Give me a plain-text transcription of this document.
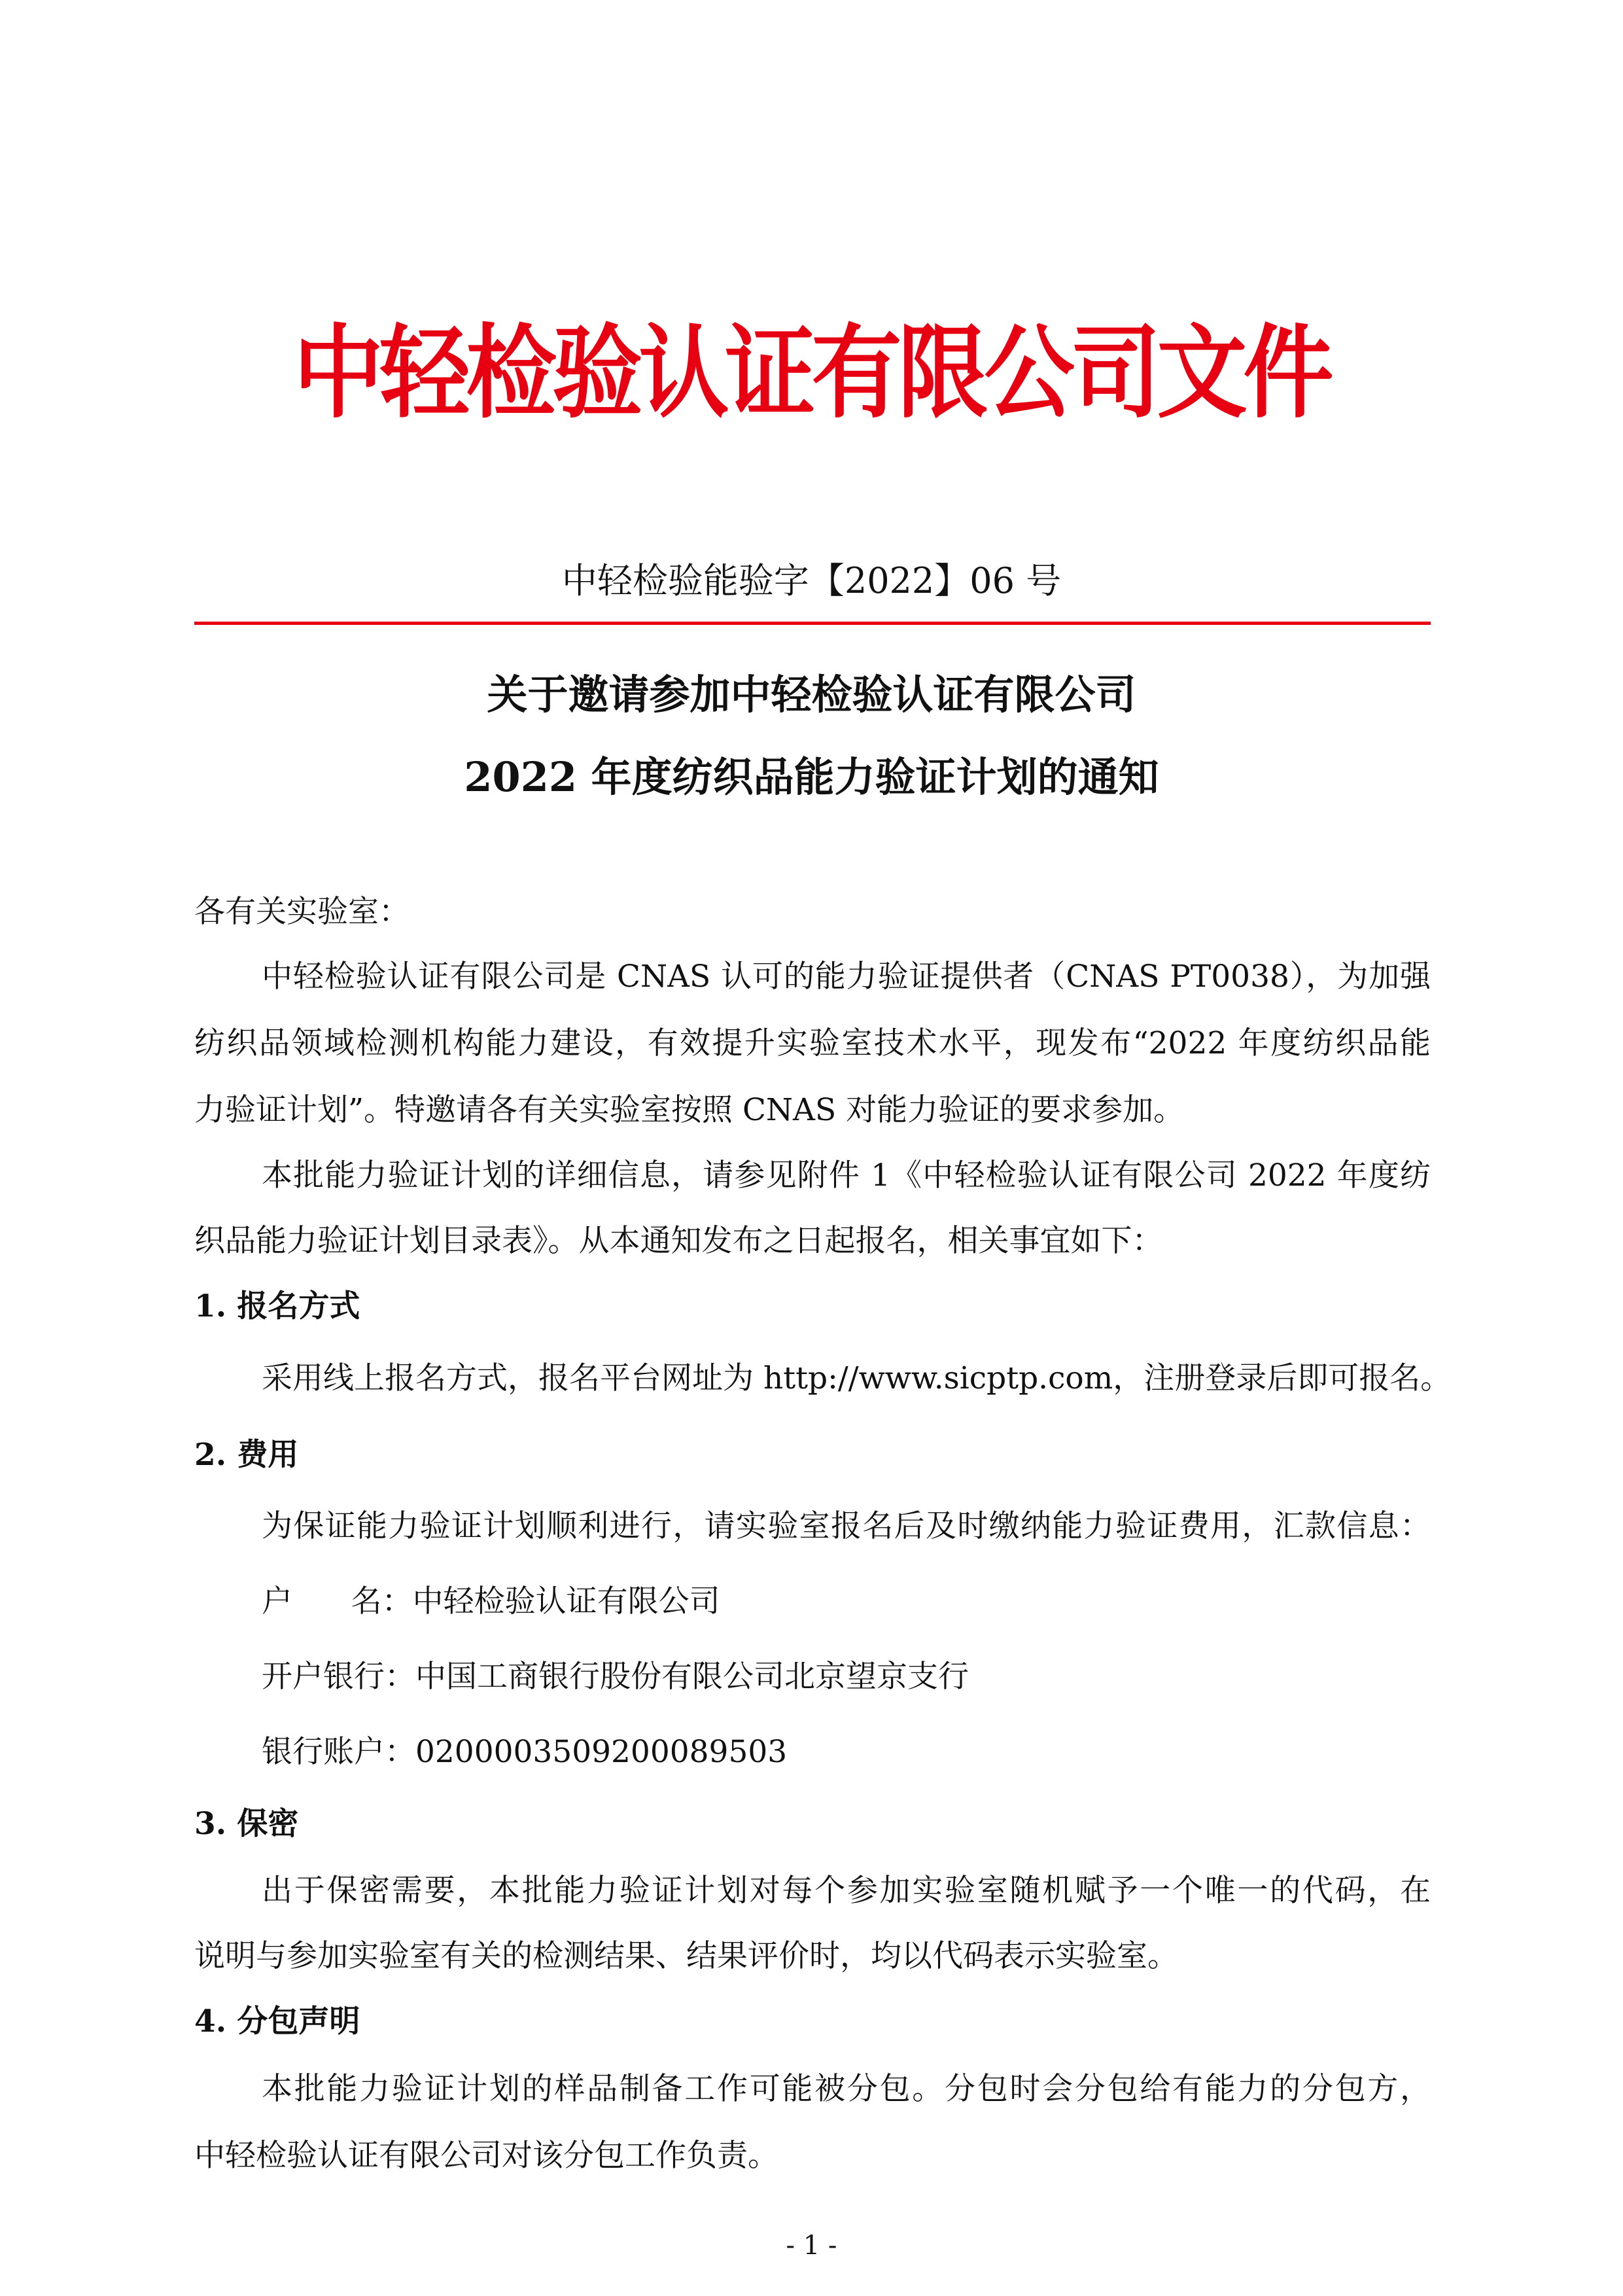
中轻检验认证有限公司文件
中轻检验能验字【2022】06 号
关于邀请参加中轻检验认证有限公司
2022 年度纺织品能力验证计划的通知
各有关实验室：
中轻检验认证有限公司是 CNAS 认可的能力验证提供者（CNAS PT0038），为加强
纺织品领域检测机构能力建设，有效提升实验室技术水平，现发布“2022 年度纺织品能
力验证计划”。特邀请各有关实验室按照 CNAS 对能力验证的要求参加。
本批能力验证计划的详细信息，请参见附件 1《中轻检验认证有限公司 2022 年度纺
织品能力验证计划目录表》。从本通知发布之日起报名，相关事宜如下：
1. 报名方式
采用线上报名方式，报名平台网址为 http://www.sicptp.com，注册登录后即可报名。
2. 费用
为保证能力验证计划顺利进行，请实验室报名后及时缴纳能力验证费用，汇款信息：
户      名：中轻检验认证有限公司
开户银行：中国工商银行股份有限公司北京望京支行
银行账户：0200003509200089503
3. 保密
出于保密需要，本批能力验证计划对每个参加实验室随机赋予一个唯一的代码，在
说明与参加实验室有关的检测结果、结果评价时，均以代码表示实验室。
4. 分包声明
本批能力验证计划的样品制备工作可能被分包。分包时会分包给有能力的分包方，
中轻检验认证有限公司对该分包工作负责。
- 1 -
